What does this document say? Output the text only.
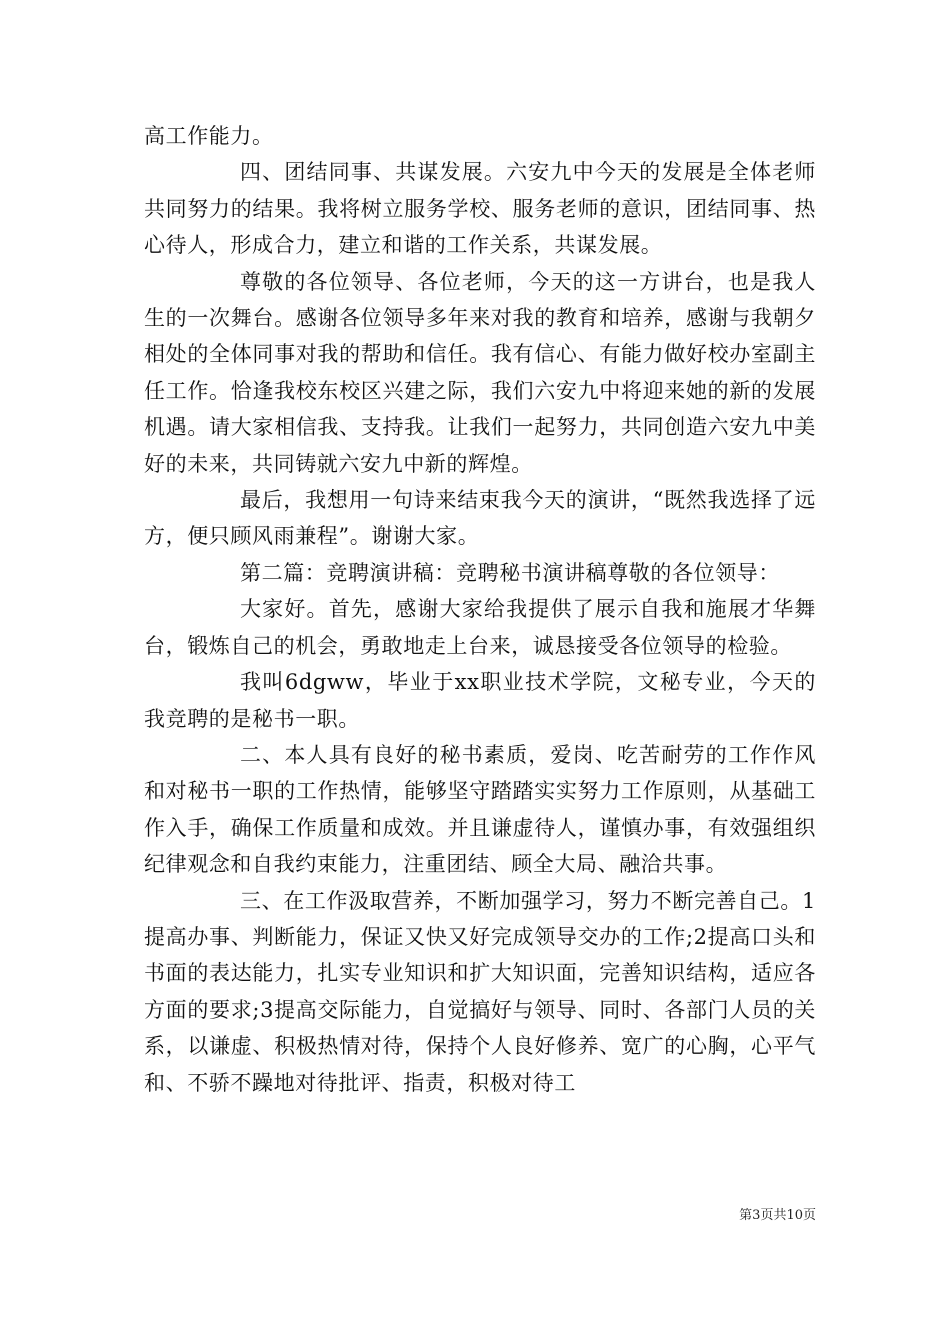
高工作能力。

四、团结同事、共谋发展。六安九中今天的发展是全体老师共同努力的结果。我将树立服务学校、服务老师的意识，团结同事、热心待人，形成合力，建立和谐的工作关系，共谋发展。

尊敬的各位领导、各位老师，今天的这一方讲台，也是我人生的一次舞台。感谢各位领导多年来对我的教育和培养，感谢与我朝夕相处的全体同事对我的帮助和信任。我有信心、有能力做好校办室副主任工作。恰逢我校东校区兴建之际，我们六安九中将迎来她的新的发展机遇。请大家相信我、支持我。让我们一起努力，共同创造六安九中美好的未来，共同铸就六安九中新的辉煌。

最后，我想用一句诗来结束我今天的演讲，“既然我选择了远方，便只顾风雨兼程”。谢谢大家。

第二篇：竞聘演讲稿：竞聘秘书演讲稿尊敬的各位领导：

大家好。首先，感谢大家给我提供了展示自我和施展才华舞台，锻炼自己的机会，勇敢地走上台来，诚恳接受各位领导的检验。

我叫6dgww，毕业于xx职业技术学院，文秘专业，今天的我竞聘的是秘书一职。

二、本人具有良好的秘书素质，爱岗、吃苦耐劳的工作作风和对秘书一职的工作热情，能够坚守踏踏实实努力工作原则，从基础工作入手，确保工作质量和成效。并且谦虚待人，谨慎办事，有效强组织纪律观念和自我约束能力，注重团结、顾全大局、融洽共事。

三、在工作汲取营养，不断加强学习，努力不断完善自己。1提高办事、判断能力，保证又快又好完成领导交办的工作;2提高口头和书面的表达能力，扎实专业知识和扩大知识面，完善知识结构，适应各方面的要求;3提高交际能力，自觉搞好与领导、同时、各部门人员的关系，以谦虚、积极热情对待，保持个人良好修养、宽广的心胸，心平气和、不骄不躁地对待批评、指责，积极对待工

第3页共10页
